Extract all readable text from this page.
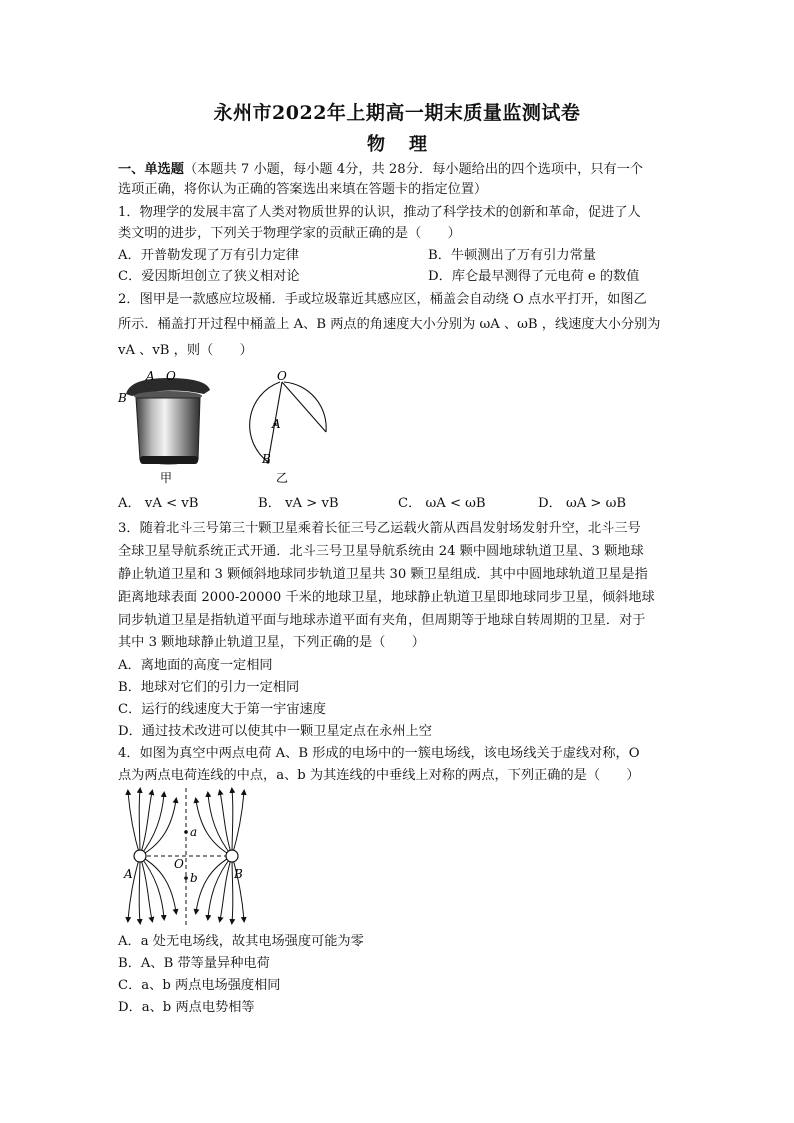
永州市2022年上期高一期末质量监测试卷
物 理
一、单选题（本题共 7 小题，每小题 4分，共 28分．每小题给出的四个选项中，只有一个
选项正确，将你认为正确的答案选出来填在答题卡的指定位置）
1．物理学的发展丰富了人类对物质世界的认识，推动了科学技术的创新和革命，促进了人
类文明的进步，下列关于物理学家的贡献正确的是（　　）
A．开普勒发现了万有引力定律	B．牛顿测出了万有引力常量
C．爱因斯坦创立了狭义相对论	D．库仑最早测得了元电荷 e 的数值
2．图甲是一款感应垃圾桶．手或垃圾靠近其感应区，桶盖会自动绕 O 点水平打开，如图乙
所示．桶盖打开过程中桶盖上 A、B 两点的角速度大小分别为 ωA 、ωB ，线速度大小分别为
vA 、vB ，则（　　）
B
A O
甲
O
A
B
乙
A． vA < vB	B． vA > vB	C． ωA < ωB	D． ωA > ωB
3．随着北斗三号第三十颗卫星乘着长征三号乙运载火箭从西昌发射场发射升空，北斗三号
全球卫星导航系统正式开通．北斗三号卫星导航系统由 24 颗中圆地球轨道卫星、3 颗地球
静止轨道卫星和 3 颗倾斜地球同步轨道卫星共 30 颗卫星组成．其中中圆地球轨道卫星是指
距离地球表面 2000-20000 千米的地球卫星，地球静止轨道卫星即地球同步卫星，倾斜地球
同步轨道卫星是指轨道平面与地球赤道平面有夹角，但周期等于地球自转周期的卫星．对于
其中 3 颗地球静止轨道卫星，下列正确的是（　　）
A．离地面的高度一定相同
B．地球对它们的引力一定相同
C．运行的线速度大于第一宇宙速度
D．通过技术改进可以使其中一颗卫星定点在永州上空
4．如图为真空中两点电荷 A、B 形成的电场中的一簇电场线，该电场线关于虚线对称，O
点为两点电荷连线的中点，a、b 为其连线的中垂线上对称的两点，下列正确的是（　　）
a
b
O
A	B
A．a 处无电场线，故其电场强度可能为零
B．A、B 带等量异种电荷
C．a、b 两点电场强度相同
D．a、b 两点电势相等
